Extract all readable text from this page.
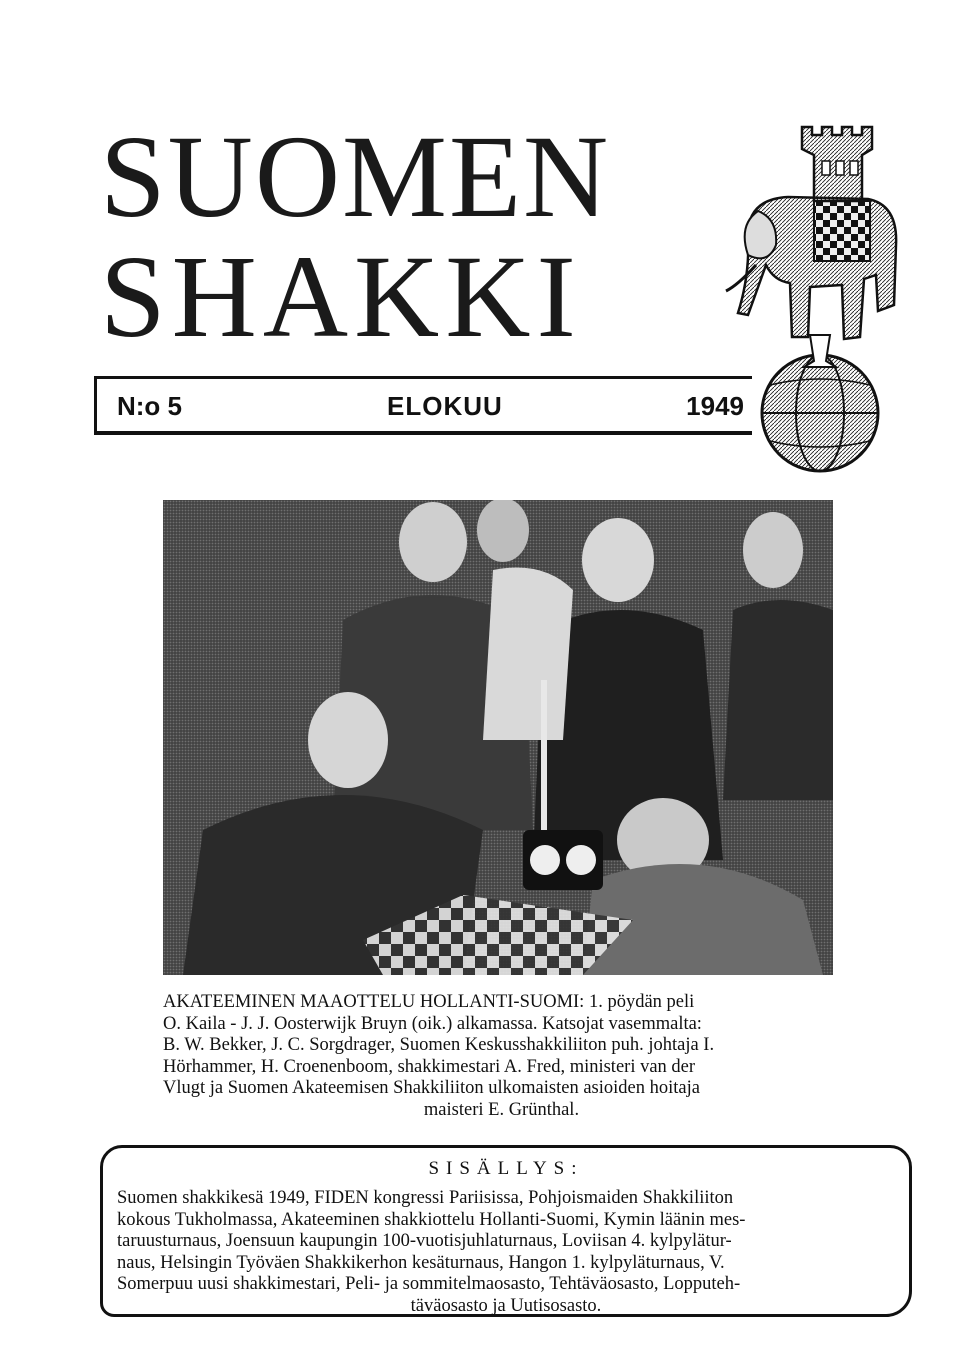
SUOMEN
SHAKKI
N:o 5	ELOKUU	1949
AKATEEMINEN MAAOTTELU HOLLANTI-SUOMI: 1. pöydän peli
O. Kaila - J. J. Oosterwijk Bruyn (oik.) alkamassa. Katsojat vasemmalta:
B. W. Bekker, J. C. Sorgdrager, Suomen Keskusshakkiliiton puh. johtaja I.
Hörhammer, H. Croenenboom, shakkimestari A. Fred, ministeri van der
Vlugt ja Suomen Akateemisen Shakkiliiton ulkomaisten asioiden hoitaja
maisteri E. Grünthal.
SISÄLLYS:
Suomen shakkikesä 1949, FIDEN kongressi Pariisissa, Pohjoismaiden Shakkiliiton
kokous Tukholmassa, Akateeminen shakkiottelu Hollanti-Suomi, Kymin läänin mes-
taruusturnaus, Joensuun kaupungin 100-vuotisjuhlaturnaus, Loviisan 4. kylpylätur-
naus, Helsingin Työväen Shakkikerhon kesäturnaus, Hangon 1. kylpyläturnaus, V.
Somerpuu uusi shakkimestari, Peli- ja sommitelmaosasto, Tehtäväosasto, Lopputeh-
täväosasto ja Uutisosasto.
